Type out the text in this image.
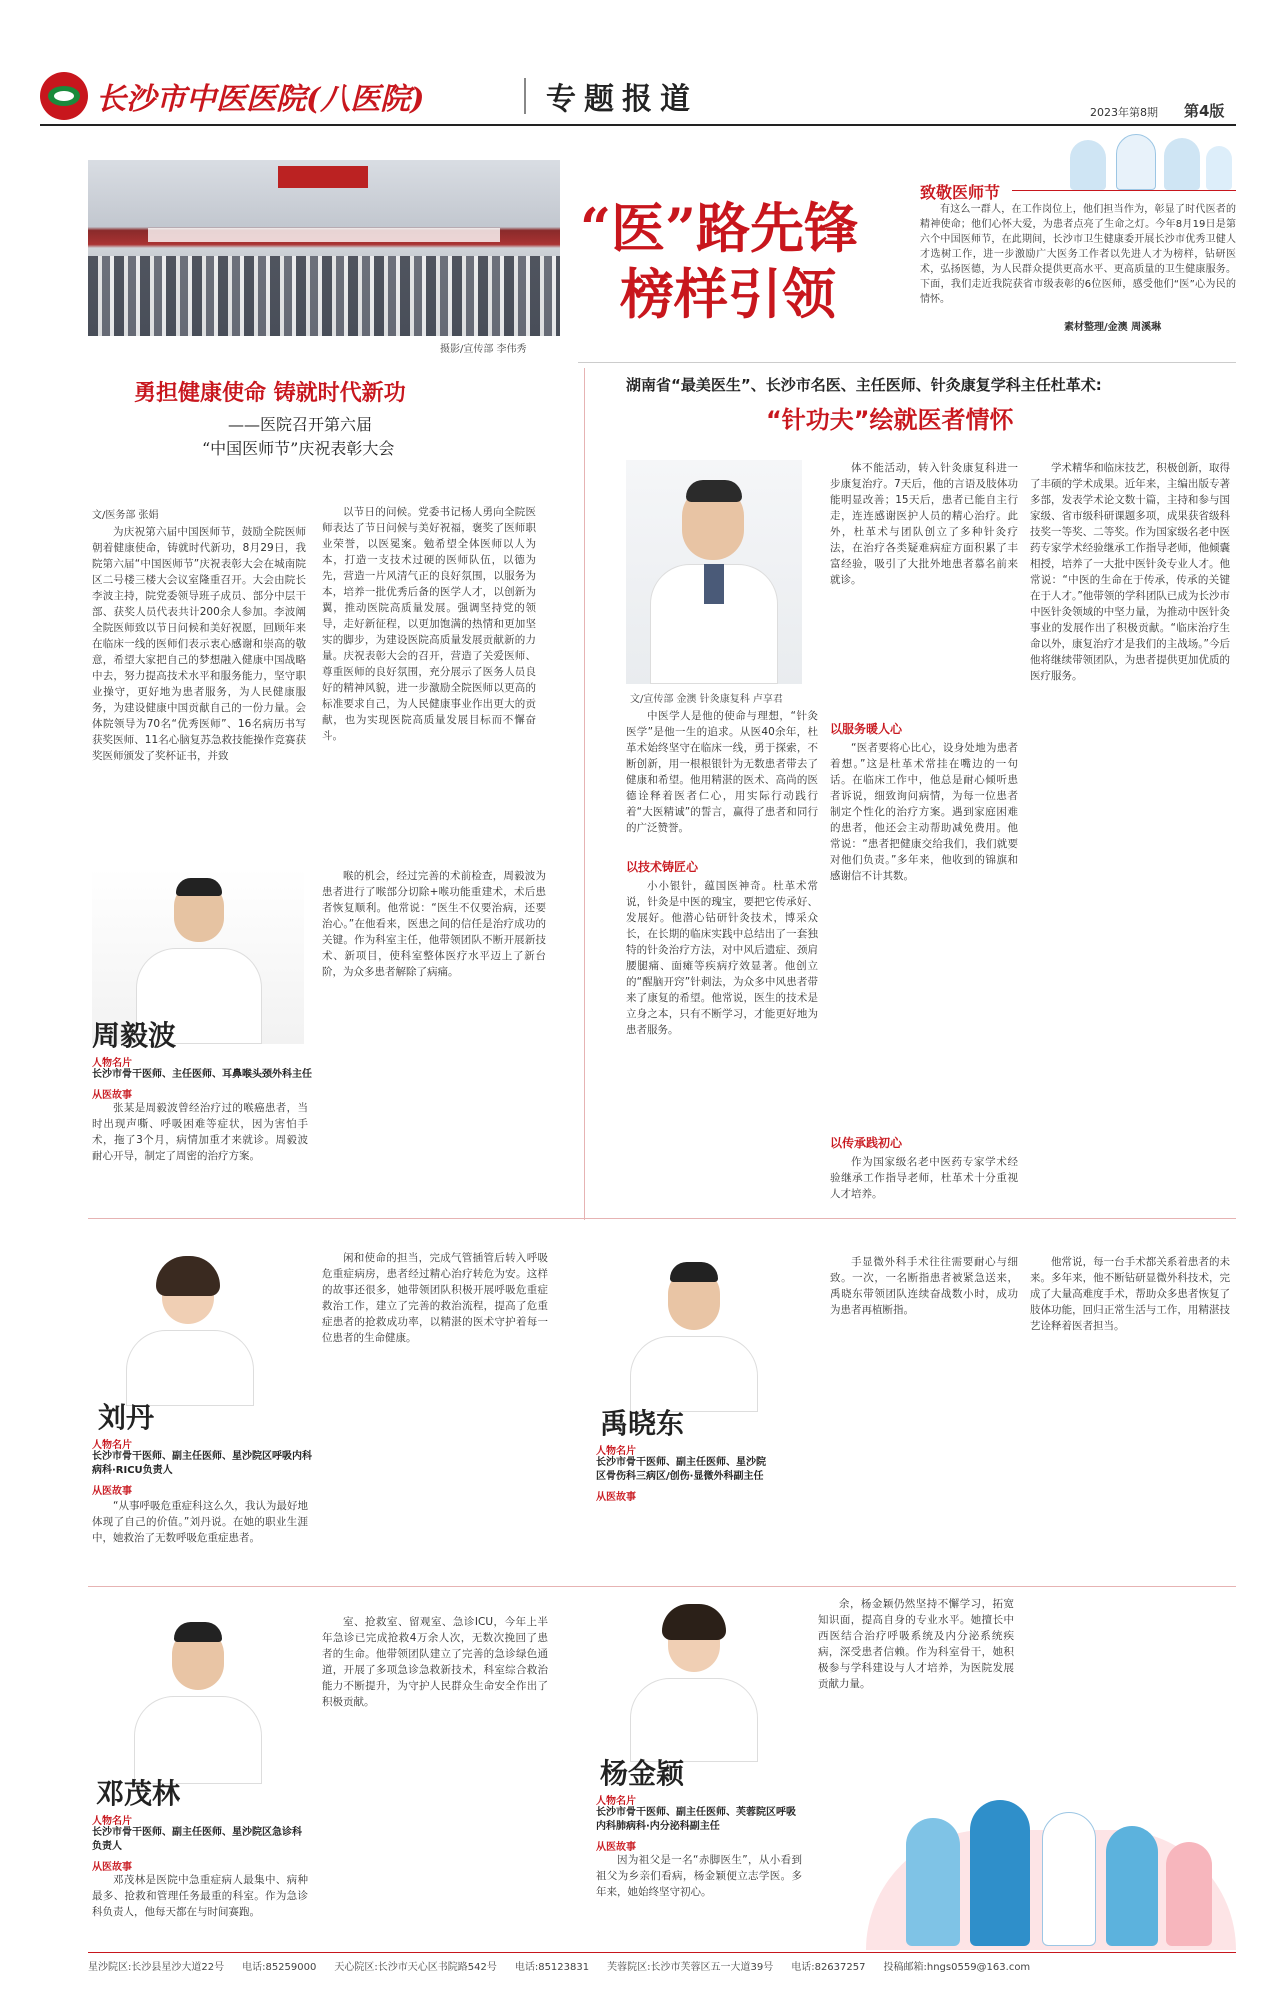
长沙市中医医院(八医院)	专题报道	2023年第8期 第4版
摄影/宣传部 李伟秀
“医”路先锋
榜样引领
致敬医师节
有这么一群人，在工作岗位上，他们担当作为，彰显了时代医者的精神使命；他们心怀大爱，为患者点亮了生命之灯。今年8月19日是第六个中国医师节，在此期间，长沙市卫生健康委开展长沙市优秀卫健人才选树工作，进一步激励广大医务工作者以先进人才为榜样，钻研医术，弘扬医德，为人民群众提供更高水平、更高质量的卫生健康服务。下面，我们走近我院获省市级表彰的6位医师，感受他们“医”心为民的情怀。
素材整理/金澳 周溪琳
勇担健康使命 铸就时代新功
——医院召开第六届
“中国医师节”庆祝表彰大会
文/医务部 张娟
为庆祝第六届中国医师节，鼓励全院医师朝着健康使命，铸就时代新功，8月29日，我院第六届“中国医师节”庆祝表彰大会在城南院区二号楼三楼大会议室隆重召开。大会由院长李波主持，院党委领导班子成员、部分中层干部、获奖人员代表共计200余人参加。李波阐全院医师致以节日问候和美好祝愿，回顾年来在临床一线的医师们表示衷心感谢和崇高的敬意，希望大家把自己的梦想融入健康中国战略中去，努力提高技术水平和服务能力，坚守职业操守，更好地为患者服务，为人民健康服务，为建设健康中国贡献自己的一份力量。会体院领导为70名“优秀医师”、16名病历书写获奖医师、11名心脑复苏急救技能操作竞赛获奖医师颁发了奖杯证书，并致
以节日的问候。党委书记杨人勇向全院医师表达了节日问候与美好祝福，褒奖了医师职业荣誉，以医冕案。勉希望全体医师以人为本，打造一支技术过硬的医师队伍，以德为先，营造一片风清气正的良好氛围，以服务为本，培养一批优秀后备的医学人才，以创新为翼，推动医院高质量发展。强调坚持党的领导，走好新征程，以更加饱满的热情和更加坚实的脚步，为建设医院高质量发展贡献新的力量。庆祝表彰大会的召开，营造了关爱医师、尊重医师的良好氛围，充分展示了医务人员良好的精神风貌，进一步激励全院医师以更高的标准要求自己，为人民健康事业作出更大的贡献，也为实现医院高质量发展目标而不懈奋斗。
湖南省“最美医生”、长沙市名医、主任医师、针灸康复学科主任杜革术:
“针功夫”绘就医者情怀
文/宣传部 金澳 针灸康复科 卢享君
中医学人是他的使命与理想，“针灸医学”是他一生的追求。从医40余年，杜革术始终坚守在临床一线，勇于探索，不断创新，用一根根银针为无数患者带去了健康和希望。他用精湛的医术、高尚的医德诠释着医者仁心，用实际行动践行着“大医精诚”的誓言，赢得了患者和同行的广泛赞誉。
以技术铸匠心
小小银针，蕴国医神奇。杜革术常说，针灸是中医的瑰宝，要把它传承好、发展好。他潜心钻研针灸技术，博采众长，在长期的临床实践中总结出了一套独特的针灸治疗方法，对中风后遗症、颈肩腰腿痛、面瘫等疾病疗效显著。他创立的“醒脑开窍”针刺法，为众多中风患者带来了康复的希望。他常说，医生的技术是立身之本，只有不断学习，才能更好地为患者服务。
体不能活动，转入针灸康复科进一步康复治疗。7天后，他的言语及肢体功能明显改善；15天后，患者已能自主行走，连连感谢医护人员的精心治疗。此外，杜革术与团队创立了多种针灸疗法，在治疗各类疑难病症方面积累了丰富经验，吸引了大批外地患者慕名前来就诊。
以服务暖人心
“医者要将心比心，设身处地为患者着想。”这是杜革术常挂在嘴边的一句话。在临床工作中，他总是耐心倾听患者诉说，细致询问病情，为每一位患者制定个性化的治疗方案。遇到家庭困难的患者，他还会主动帮助减免费用。他常说：“患者把健康交给我们，我们就要对他们负责。”多年来，他收到的锦旗和感谢信不计其数。
以传承践初心
作为国家级名老中医药专家学术经验继承工作指导老师，杜革术十分重视人才培养。
学术精华和临床技艺，积极创新，取得了丰硕的学术成果。近年来，主编出版专著多部，发表学术论文数十篇，主持和参与国家级、省市级科研课题多项，成果获省级科技奖一等奖、二等奖。作为国家级名老中医药专家学术经验继承工作指导老师，他倾囊相授，培养了一大批中医针灸专业人才。他常说：“中医的生命在于传承，传承的关键在于人才。”他带领的学科团队已成为长沙市中医针灸领域的中坚力量，为推动中医针灸事业的发展作出了积极贡献。“临床治疗生命以外，康复治疗才是我们的主战场。”今后他将继续带领团队，为患者提供更加优质的医疗服务。
周毅波
人物名片
长沙市骨干医师、主任医师、耳鼻喉头颈外科主任
从医故事
张某是周毅波曾经治疗过的喉癌患者，当时出现声嘶、呼吸困难等症状，因为害怕手术，拖了3个月，病情加重才来就诊。周毅波耐心开导，制定了周密的治疗方案。
喉的机会，经过完善的术前检查，周毅波为患者进行了喉部分切除+喉功能重建术，术后患者恢复顺利。他常说：“医生不仅要治病，还要治心。”在他看来，医患之间的信任是治疗成功的关键。作为科室主任，他带领团队不断开展新技术、新项目，使科室整体医疗水平迈上了新台阶，为众多患者解除了病痛。
刘丹
人物名片
长沙市骨干医师、副主任医师、星沙院区呼吸内科病科·RICU负责人
从医故事
“从事呼吸危重症科这么久，我认为最好地体现了自己的价值。”刘丹说。在她的职业生涯中，她救治了无数呼吸危重症患者。
闲和使命的担当，完成气管插管后转入呼吸危重症病房，患者经过精心治疗转危为安。这样的故事还很多，她带领团队积极开展呼吸危重症救治工作，建立了完善的救治流程，提高了危重症患者的抢救成功率，以精湛的医术守护着每一位患者的生命健康。
禹晓东
人物名片
长沙市骨干医师、副主任医师、星沙院区骨伤科三病区/创伤·显微外科副主任
从医故事
手显微外科手术往往需要耐心与细致。一次，一名断指患者被紧急送来，禹晓东带领团队连续奋战数小时，成功为患者再植断指。
他常说，每一台手术都关系着患者的未来。多年来，他不断钻研显微外科技术，完成了大量高难度手术，帮助众多患者恢复了肢体功能，回归正常生活与工作，用精湛技艺诠释着医者担当。
邓茂林
人物名片
长沙市骨干医师、副主任医师、星沙院区急诊科负责人
从医故事
邓茂林是医院中急重症病人最集中、病种最多、抢救和管理任务最重的科室。作为急诊科负责人，他每天都在与时间赛跑。
室、抢救室、留观室、急诊ICU，今年上半年急诊已完成抢救4万余人次，无数次挽回了患者的生命。他带领团队建立了完善的急诊绿色通道，开展了多项急诊急救新技术，科室综合救治能力不断提升，为守护人民群众生命安全作出了积极贡献。
杨金颖
人物名片
长沙市骨干医师、副主任医师、芙蓉院区呼吸内科肺病科·内分泌科副主任
从医故事
因为祖父是一名“赤脚医生”，从小看到祖父为乡亲们看病，杨金颖便立志学医。多年来，她始终坚守初心。
余，杨金颖仍然坚持不懈学习，拓宽知识面，提高自身的专业水平。她擅长中西医结合治疗呼吸系统及内分泌系统疾病，深受患者信赖。作为科室骨干，她积极参与学科建设与人才培养，为医院发展贡献力量。
星沙院区:长沙县星沙大道22号 电话:85259000 天心院区:长沙市天心区书院路542号 电话:85123831 芙蓉院区:长沙市芙蓉区五一大道39号 电话:82637257 投稿邮箱:hngs0559@163.com
